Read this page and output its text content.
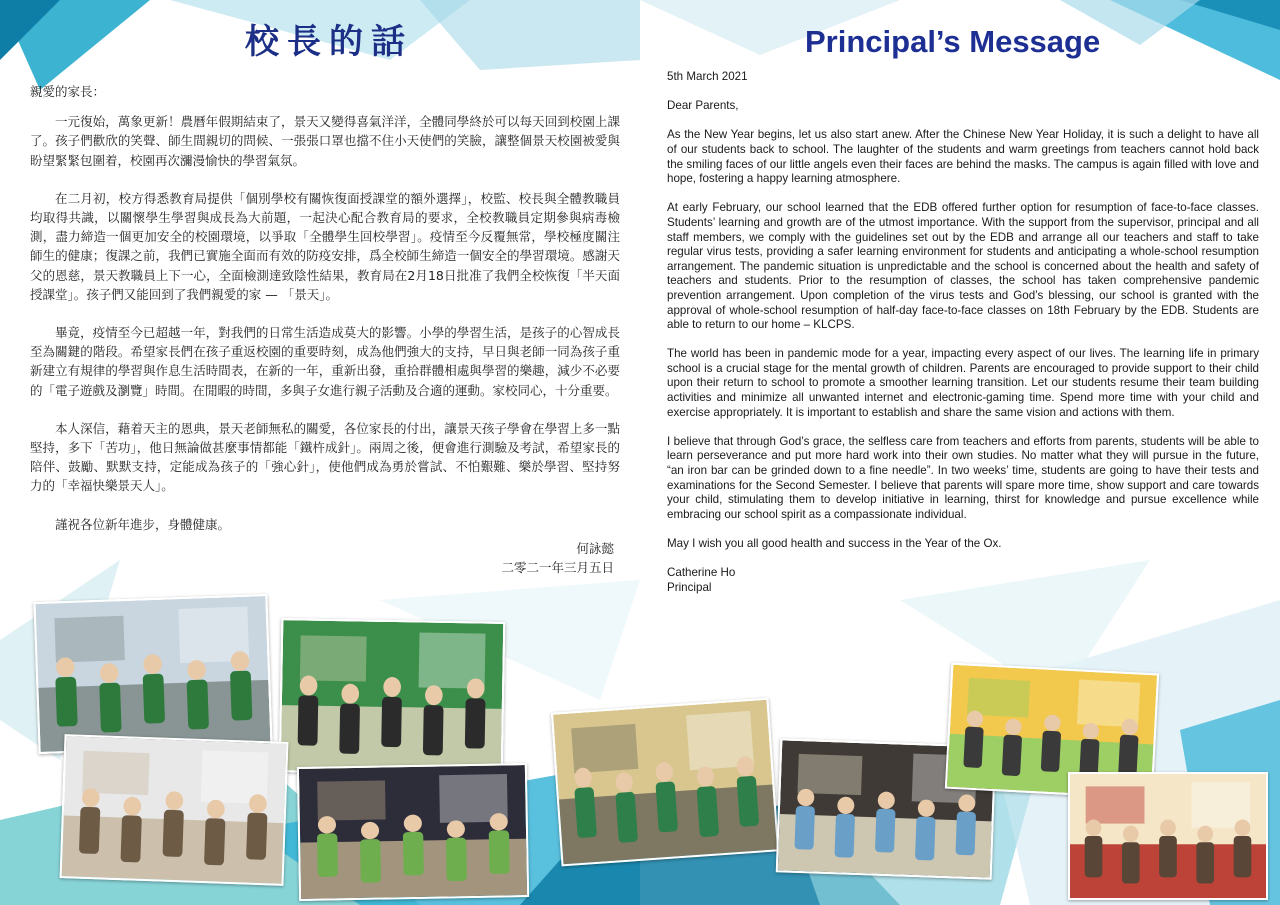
校長的話

親愛的家長：

一元復始，萬象更新！農曆年假期結束了，景天又變得喜氣洋洋，全體同學終於可以每天回到校園上課了。孩子們歡欣的笑聲、師生間親切的問候、一張張口罩也擋不住小天使們的笑臉，讓整個景天校園被愛與盼望緊緊包圍着，校園再次瀰漫愉快的學習氣氛。

在二月初，校方得悉教育局提供「個別學校有關恢復面授課堂的額外選擇」，校監、校長與全體教職員均取得共識，以關懷學生學習與成長為大前題，一起決心配合教育局的要求，全校教職員定期參與病毒檢測，盡力締造一個更加安全的校園環境，以爭取「全體學生回校學習」。疫情至今反覆無常，學校極度關注師生的健康；復課之前，我們已實施全面而有效的防疫安排，爲全校師生締造一個安全的學習環境。感謝天父的恩慈，景天教職員上下一心，全面檢測達致陰性結果，教育局在2月18日批准了我們全校恢復「半天面授課堂」。孩子們又能回到了我們親愛的家 — 「景天」。

畢竟，疫情至今已超越一年，對我們的日常生活造成莫大的影響。小學的學習生活，是孩子的心智成長至為關鍵的階段。希望家長們在孩子重返校園的重要時刻，成為他們強大的支持，早日與老師一同為孩子重新建立有規律的學習與作息生活時間表，在新的一年，重新出發，重拾群體相處與學習的樂趣，減少不必要的「電子遊戲及瀏覽」時間。在閒暇的時間，多與子女進行親子活動及合適的運動。家校同心，十分重要。

本人深信，藉着天主的恩典，景天老師無私的關愛，各位家長的付出，讓景天孩子學會在學習上多一點堅持，多下「苦功」，他日無論做甚麼事情都能「鐵杵成針」。兩周之後，便會進行測驗及考試，希望家長的陪伴、鼓勵、默默支持，定能成為孩子的「強心針」，使他們成為勇於嘗試、不怕艱難、樂於學習、堅持努力的「幸福快樂景天人」。

謹祝各位新年進步，身體健康。

何詠懿
二零二一年三月五日
Principal’s Message

5th March 2021

Dear Parents,

As the New Year begins, let us also start anew. After the Chinese New Year Holiday, it is such a delight to have all of our students back to school. The laughter of the students and warm greetings from teachers cannot hold back the smiling faces of our little angels even their faces are behind the masks. The campus is again filled with love and hope, fostering a happy learning atmosphere.

At early February, our school learned that the EDB offered further option for resumption of face-to-face classes. Students’ learning and growth are of the utmost importance. With the support from the supervisor, principal and all staff members, we comply with the guidelines set out by the EDB and arrange all our teachers and staff to take regular virus tests, providing a safer learning environment for students and anticipating a whole-school resumption arrangement. The pandemic situation is unpredictable and the school is concerned about the health and safety of teachers and students. Prior to the resumption of classes, the school has taken comprehensive pandemic prevention arrangement. Upon completion of the virus tests and God’s blessing, our school is granted with the approval of whole-school resumption of half-day face-to-face classes on 18th February by the EDB. Students are able to return to our home – KLCPS.

The world has been in pandemic mode for a year, impacting every aspect of our lives. The learning life in primary school is a crucial stage for the mental growth of children. Parents are encouraged to provide support to their child upon their return to school to promote a smoother learning transition. Let our students resume their team building activities and minimize all unwanted internet and electronic-gaming time. Spend more time with your child and exercise appropriately. It is important to establish and share the same vision and actions with them.

I believe that through God’s grace, the selfless care from teachers and efforts from parents, students will be able to learn perseverance and put more hard work into their own studies. No matter what they will pursue in the future, “an iron bar can be grinded down to a fine needle”. In two weeks’ time, students are going to have their tests and examinations for the Second Semester. I believe that parents will spare more time, show support and care towards your child, stimulating them to develop initiative in learning, thirst for knowledge and pursue excellence while embracing our school spirit as a compassionate individual.

May I wish you all good health and success in the Year of the Ox.

Catherine Ho

Principal
